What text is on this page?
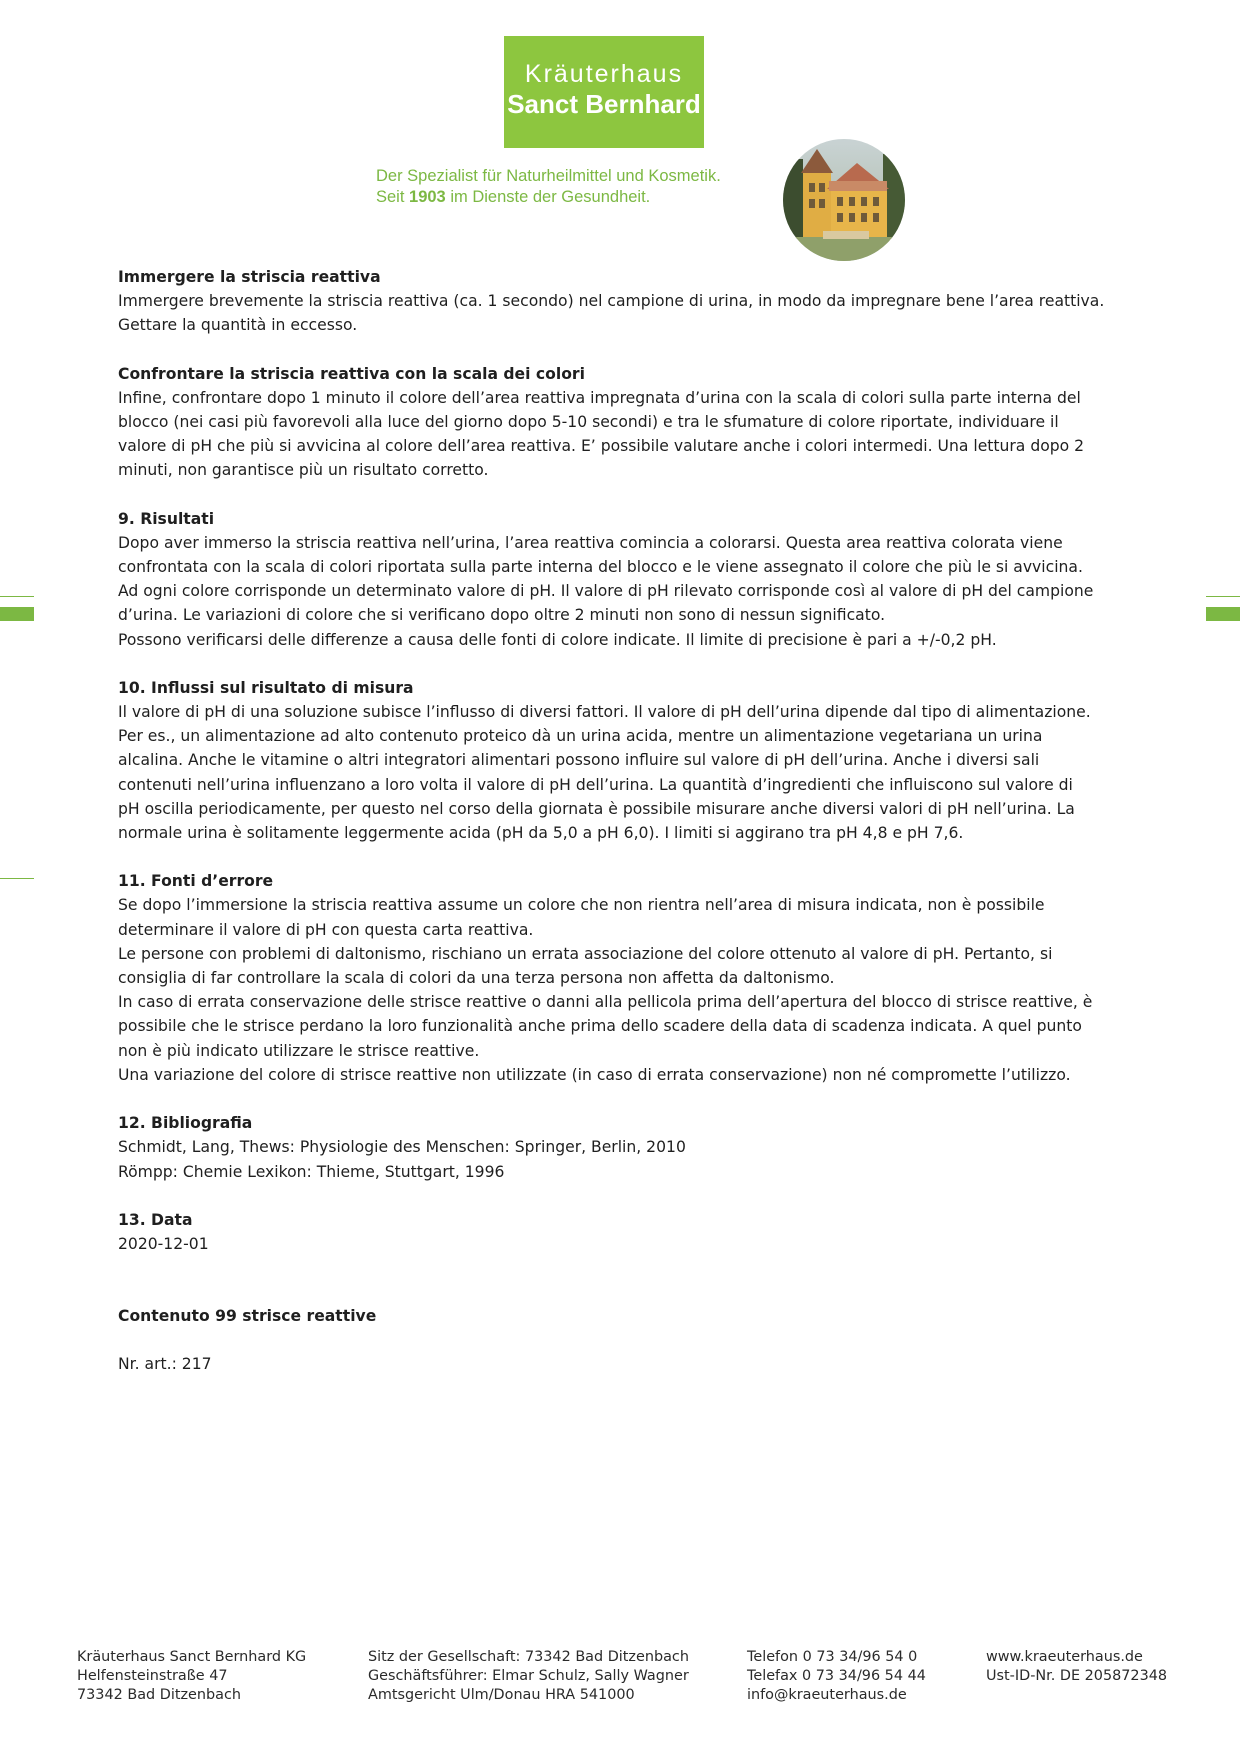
Kräuterhaus
Sanct Bernhard
Der Spezialist für Naturheilmittel und Kosmetik.
Seit 1903 im Dienste der Gesundheit.
Immergere la striscia reattiva

Immergere brevemente la striscia reattiva (ca. 1 secondo) nel campione di urina, in modo da impregnare bene l’area reattiva.

Gettare la quantità in eccesso.

Confrontare la striscia reattiva con la scala dei colori

Infine, confrontare dopo 1 minuto il colore dell’area reattiva impregnata d’urina con la scala di colori sulla parte interna del

blocco (nei casi più favorevoli alla luce del giorno dopo 5-10 secondi) e tra le sfumature di colore riportate, individuare il

valore di pH che più si avvicina al colore dell’area reattiva. E’ possibile valutare anche i colori intermedi. Una lettura dopo 2

minuti, non garantisce più un risultato corretto.

9. Risultati

Dopo aver immerso la striscia reattiva nell’urina, l’area reattiva comincia a colorarsi. Questa area reattiva colorata viene

confrontata con la scala di colori riportata sulla parte interna del blocco e le viene assegnato il colore che più le si avvicina.

Ad ogni colore corrisponde un determinato valore di pH. Il valore di pH rilevato corrisponde così al valore di pH del campione

d’urina. Le variazioni di colore che si verificano dopo oltre 2 minuti non sono di nessun significato.

Possono verificarsi delle differenze a causa delle fonti di colore indicate. Il limite di precisione è pari a +/-0,2 pH.

10. Influssi sul risultato di misura

Il valore di pH di una soluzione subisce l’influsso di diversi fattori. Il valore di pH dell’urina dipende dal tipo di alimentazione.

Per es., un alimentazione ad alto contenuto proteico dà un urina acida, mentre un alimentazione vegetariana un urina

alcalina. Anche le vitamine o altri integratori alimentari possono influire sul valore di pH dell’urina. Anche i diversi sali

contenuti nell’urina influenzano a loro volta il valore di pH dell’urina. La quantità d’ingredienti che influiscono sul valore di

pH oscilla periodicamente, per questo nel corso della giornata è possibile misurare anche diversi valori di pH nell’urina. La

normale urina è solitamente leggermente acida (pH da 5,0 a pH 6,0). I limiti si aggirano tra pH 4,8 e pH 7,6.

11. Fonti d’errore

Se dopo l’immersione la striscia reattiva assume un colore che non rientra nell’area di misura indicata, non è possibile

determinare il valore di pH con questa carta reattiva.

Le persone con problemi di daltonismo, rischiano un errata associazione del colore ottenuto al valore di pH. Pertanto, si

consiglia di far controllare la scala di colori da una terza persona non affetta da daltonismo.

In caso di errata conservazione delle strisce reattive o danni alla pellicola prima dell’apertura del blocco di strisce reattive, è

possibile che le strisce perdano la loro funzionalità anche prima dello scadere della data di scadenza indicata. A quel punto

non è più indicato utilizzare le strisce reattive.

Una variazione del colore di strisce reattive non utilizzate (in caso di errata conservazione) non né compromette l’utilizzo.

12. Bibliografia

Schmidt, Lang, Thews: Physiologie des Menschen: Springer, Berlin, 2010

Römpp: Chemie Lexikon: Thieme, Stuttgart, 1996

13. Data

2020-12-01

Contenuto 99 strisce reattive

Nr. art.: 217

Kräuterhaus Sanct Bernhard KG
Helfensteinstraße 47
73342 Bad Ditzenbach
Sitz der Gesellschaft: 73342 Bad Ditzenbach
Geschäftsführer: Elmar Schulz, Sally Wagner
Amtsgericht Ulm/Donau HRA 541000
Telefon 0 73 34/96 54 0
Telefax 0 73 34/96 54 44
info@kraeuterhaus.de
www.kraeuterhaus.de
Ust-ID-Nr. DE 205872348
